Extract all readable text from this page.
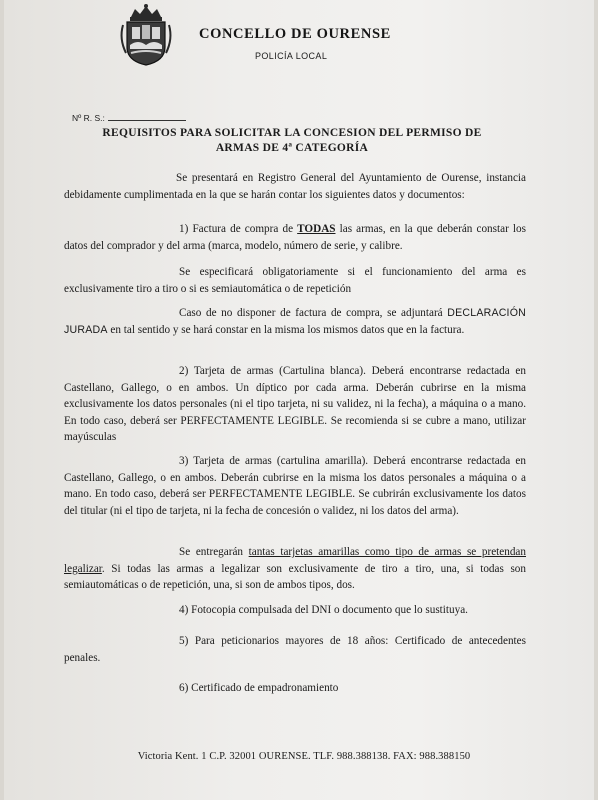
CONCELLO DE OURENSE
POLICÍA LOCAL
Nº R. S.:
REQUISITOS PARA SOLICITAR LA CONCESION DEL PERMISO DE
ARMAS DE 4ª CATEGORÍA
Se presentará en Registro General del Ayuntamiento de Ourense, instancia debidamente cumplimentada en la que se harán contar los siguientes datos y documentos:
1) Factura de compra de TODAS las armas, en la que deberán constar los datos del comprador y del arma (marca, modelo, número de serie, y calibre.
Se especificará obligatoriamente si el funcionamiento del arma es exclusivamente tiro a tiro o si es semiautomática o de repetición
Caso de no disponer de factura de compra, se adjuntará DECLARACIÓN JURADA en tal sentido y se hará constar en la misma los mismos datos que en la factura.
2) Tarjeta de armas (Cartulina blanca). Deberá encontrarse redactada en Castellano, Gallego, o en ambos. Un díptico por cada arma. Deberán cubrirse en la misma exclusivamente los datos personales (ni el tipo tarjeta, ni su validez, ni la fecha), a máquina o a mano. En todo caso, deberá ser PERFECTAMENTE LEGIBLE. Se recomienda si se cubre a mano, utilizar mayúsculas
3) Tarjeta de armas (cartulina amarilla). Deberá encontrarse redactada en Castellano, Gallego, o en ambos. Deberán cubrirse en la misma los datos personales a máquina o a mano. En todo caso, deberá ser PERFECTAMENTE LEGIBLE. Se cubrirán exclusivamente los datos del titular (ni el tipo de tarjeta, ni la fecha de concesión o validez, ni los datos del arma).
Se entregarán tantas tarjetas amarillas como tipo de armas se pretendan legalizar. Si todas las armas a legalizar son exclusivamente de tiro a tiro, una, si todas son semiautomáticas o de repetición, una, si son de ambos tipos, dos.
4) Fotocopia compulsada del DNI o documento que lo sustituya.
5) Para peticionarios mayores de 18 años: Certificado de antecedentes penales.
6) Certificado de empadronamiento
Victoria Kent. 1 C.P. 32001 OURENSE. TLF. 988.388138. FAX: 988.388150
